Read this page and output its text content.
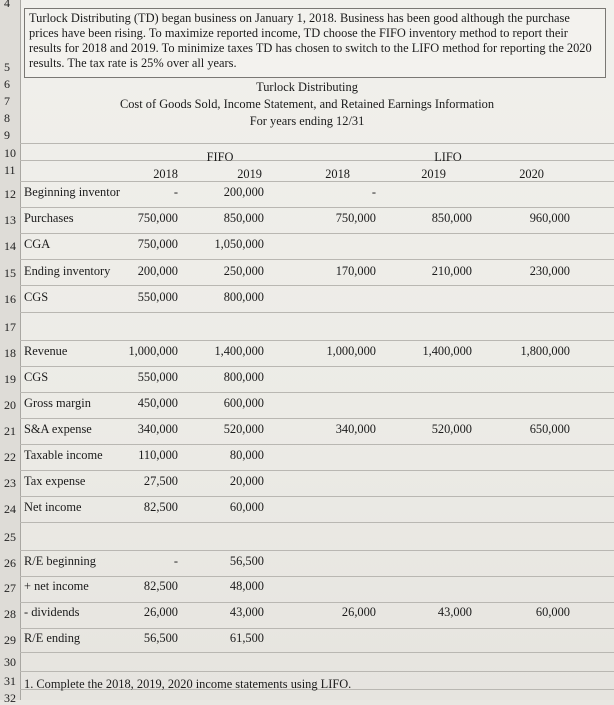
4
5
6
7
8
9
10
11
12
13
14
15
16
17
18
19
20
21
22
23
24
25
26
27
28
29
30
31
32
Turlock Distributing (TD) began business on January 1, 2018. Business has been good although the purchase prices have been rising. To maximize reported income, TD choose the FIFO inventory method to report their results for 2018 and 2019. To minimize taxes TD has chosen to switch to the LIFO method for reporting the 2020 results. The tax rate is 25% over all years.
Turlock Distributing
Cost of Goods Sold, Income Statement, and Retained Earnings Information
For years ending 12/31
FIFO	LIFO
2018	2019	2018	2019	2020
Beginning inventor	-	200,000	-
Purchases	750,000	850,000	750,000	850,000	960,000
CGA	750,000	1,050,000
Ending inventory	200,000	250,000	170,000	210,000	230,000
CGS	550,000	800,000
Revenue	1,000,000	1,400,000	1,000,000	1,400,000	1,800,000
CGS	550,000	800,000
Gross margin	450,000	600,000
S&A expense	340,000	520,000	340,000	520,000	650,000
Taxable income	110,000	80,000
Tax expense	27,500	20,000
Net income	82,500	60,000
R/E beginning	-	56,500
+ net income	82,500	48,000
- dividends	26,000	43,000	26,000	43,000	60,000
R/E ending	56,500	61,500
1. Complete the 2018, 2019, 2020 income statements using LIFO.
